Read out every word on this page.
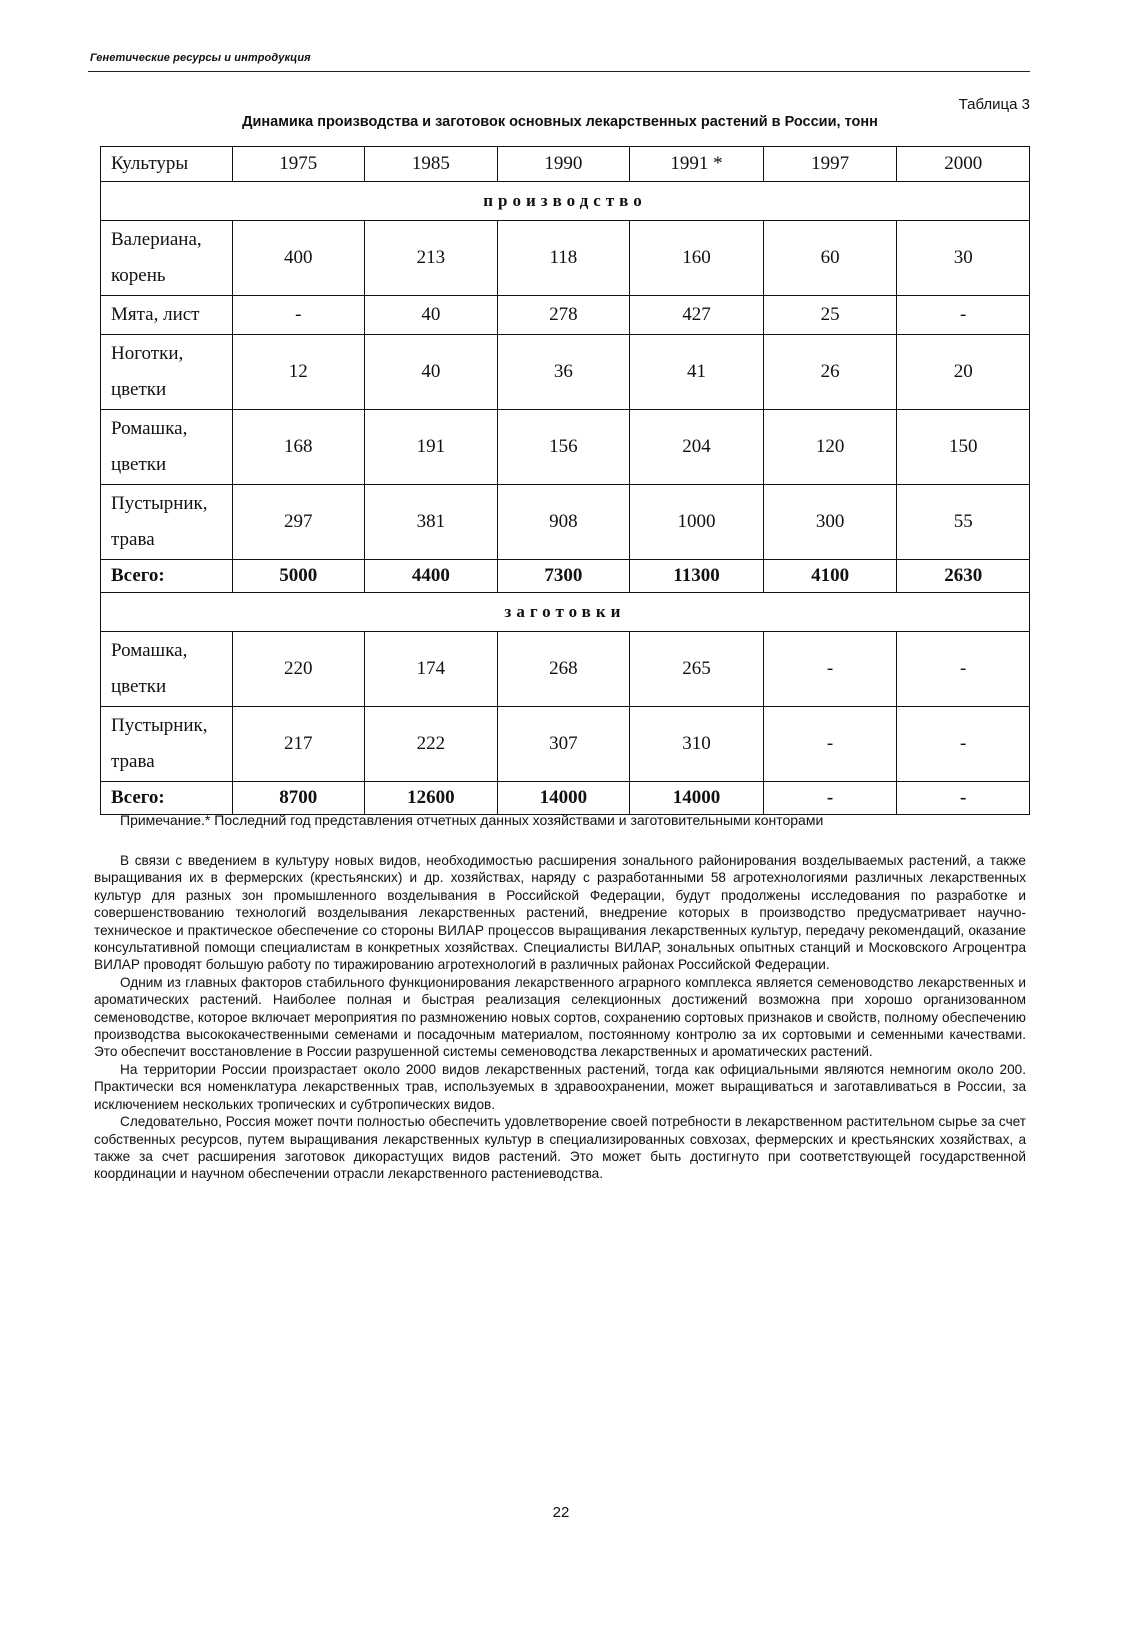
Генетические ресурсы и интродукция
Таблица 3
Динамика производства и заготовок основных лекарственных растений в России, тонн
Культуры	1975	1985	1990	1991 *	1997	2000
производство						
Валериана,
корень	400	213	118	160	60	30
Мята, лист	-	40	278	427	25	-
Ноготки,
цветки	12	40	36	41	26	20
Ромашка,
цветки	168	191	156	204	120	150
Пустырник,
трава	297	381	908	1000	300	55
Всего:	5000	4400	7300	11300	4100	2630
заготовки						
Ромашка,
цветки	220	174	268	265	-	-
Пустырник,
трава	217	222	307	310	-	-
Всего:	8700	12600	14000	14000	-	-
Примечание.* Последний год представления отчетных данных хозяйствами и заготовительными конторами

В связи с введением в культуру новых видов, необходимостью расширения зонального районирования возделываемых растений, а также выращивания их в фермерских (крестьянских) и др. хозяйствах, наряду с разработанными 58 агротехнологиями различных лекарственных культур для разных зон промышленного возделывания в Российской Федерации, будут продолжены исследования по разработке и совершенствованию технологий возделывания лекарственных растений, внедрение которых в производство предусматривает научно-техническое и практическое обеспечение со стороны ВИЛАР процессов выращивания лекарственных культур, передачу рекомендаций, оказание консультативной помощи специалистам в конкретных хозяйствах. Специалисты ВИЛАР, зональных опытных станций и Московского Агроцентра ВИЛАР проводят большую работу по тиражированию агротехнологий в различных районах Российской Федерации.

Одним из главных факторов стабильного функционирования лекарственного аграрного комплекса является семеноводство лекарственных и ароматических растений. Наиболее полная и быстрая реализация селекционных достижений возможна при хорошо организованном семеноводстве, которое включает мероприятия по размножению новых сортов, сохранению сортовых признаков и свойств, полному обеспечению производства высококачественными семенами и посадочным материалом, постоянному контролю за их сортовыми и семенными качествами. Это обеспечит восстановление в России разрушенной системы семеноводства лекарственных и ароматических растений.

На территории России произрастает около 2000 видов лекарственных растений, тогда как официальными являются немногим около 200. Практически вся номенклатура лекарственных трав, используемых в здравоохранении, может выращиваться и заготавливаться в России, за исключением нескольких тропических и субтропических видов.

Следовательно, Россия может почти полностью обеспечить удовлетворение своей потребности в лекарственном растительном сырье за счет собственных ресурсов, путем выращивания лекарственных культур в специализированных совхозах, фермерских и крестьянских хозяйствах, а также за счет расширения заготовок дикорастущих видов растений. Это может быть достигнуто при соответствующей государственной координации и научном обеспечении отрасли лекарственного растениеводства.

22
